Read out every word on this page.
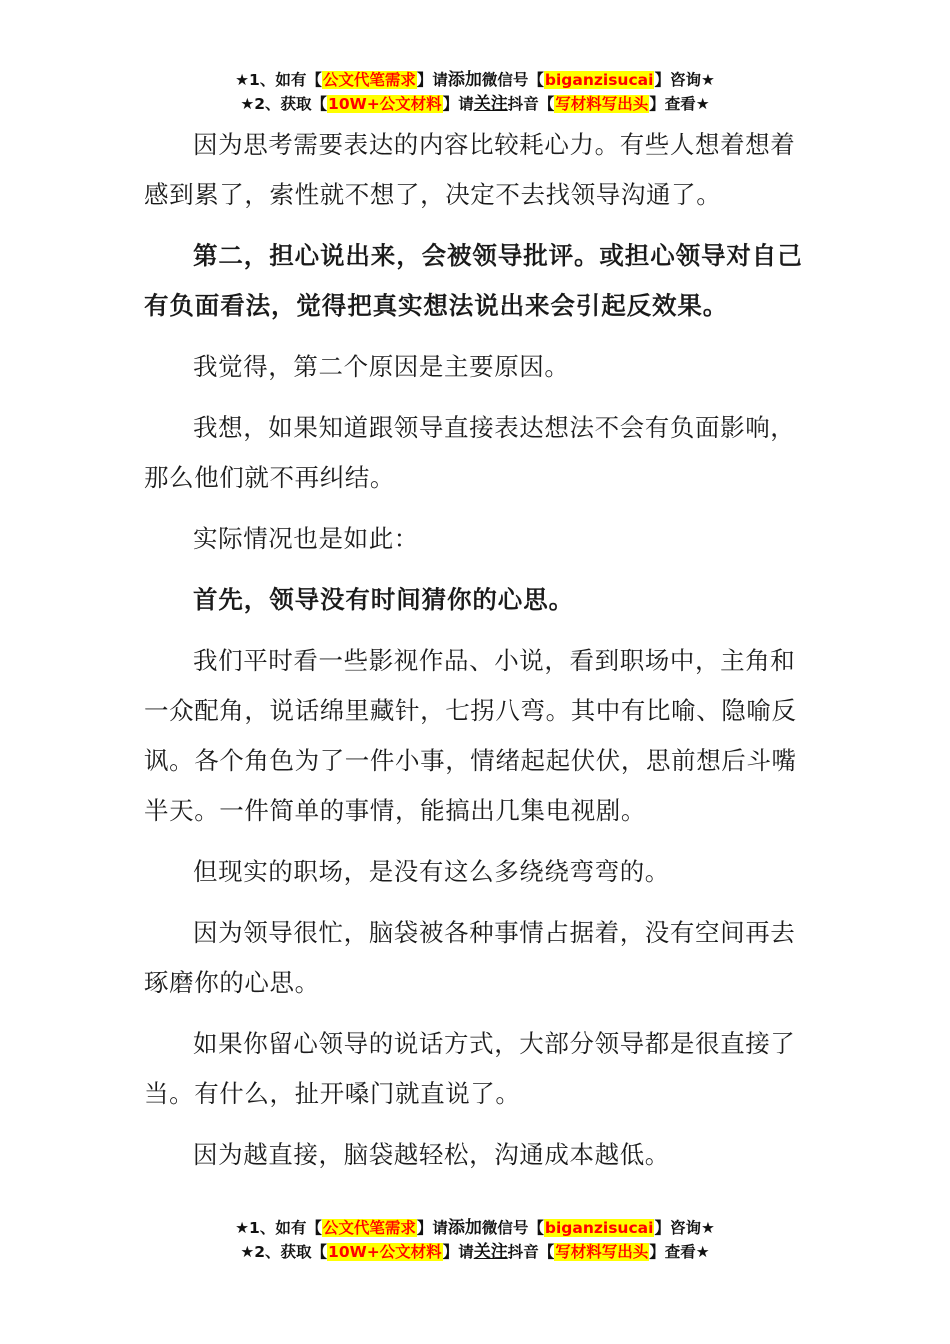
★1、如有【公文代笔需求】请添加微信号【biganzisucai】咨询★
★2、获取【10W+公文材料】请关注抖音【写材料写出头】查看★

因为思考需要表达的内容比较耗心力。有些人想着想着感到累了，索性就不想了，决定不去找领导沟通了。

第二，担心说出来，会被领导批评。或担心领导对自己有负面看法，觉得把真实想法说出来会引起反效果。

我觉得，第二个原因是主要原因。

我想，如果知道跟领导直接表达想法不会有负面影响，那么他们就不再纠结。

实际情况也是如此：

首先，领导没有时间猜你的心思。

我们平时看一些影视作品、小说，看到职场中，主角和一众配角，说话绵里藏针，七拐八弯。其中有比喻、隐喻反讽。各个角色为了一件小事，情绪起起伏伏，思前想后斗嘴半天。一件简单的事情，能搞出几集电视剧。

但现实的职场，是没有这么多绕绕弯弯的。

因为领导很忙，脑袋被各种事情占据着，没有空间再去琢磨你的心思。

如果你留心领导的说话方式，大部分领导都是很直接了当。有什么，扯开嗓门就直说了。

因为越直接，脑袋越轻松，沟通成本越低。

★1、如有【公文代笔需求】请添加微信号【biganzisucai】咨询★
★2、获取【10W+公文材料】请关注抖音【写材料写出头】查看★
